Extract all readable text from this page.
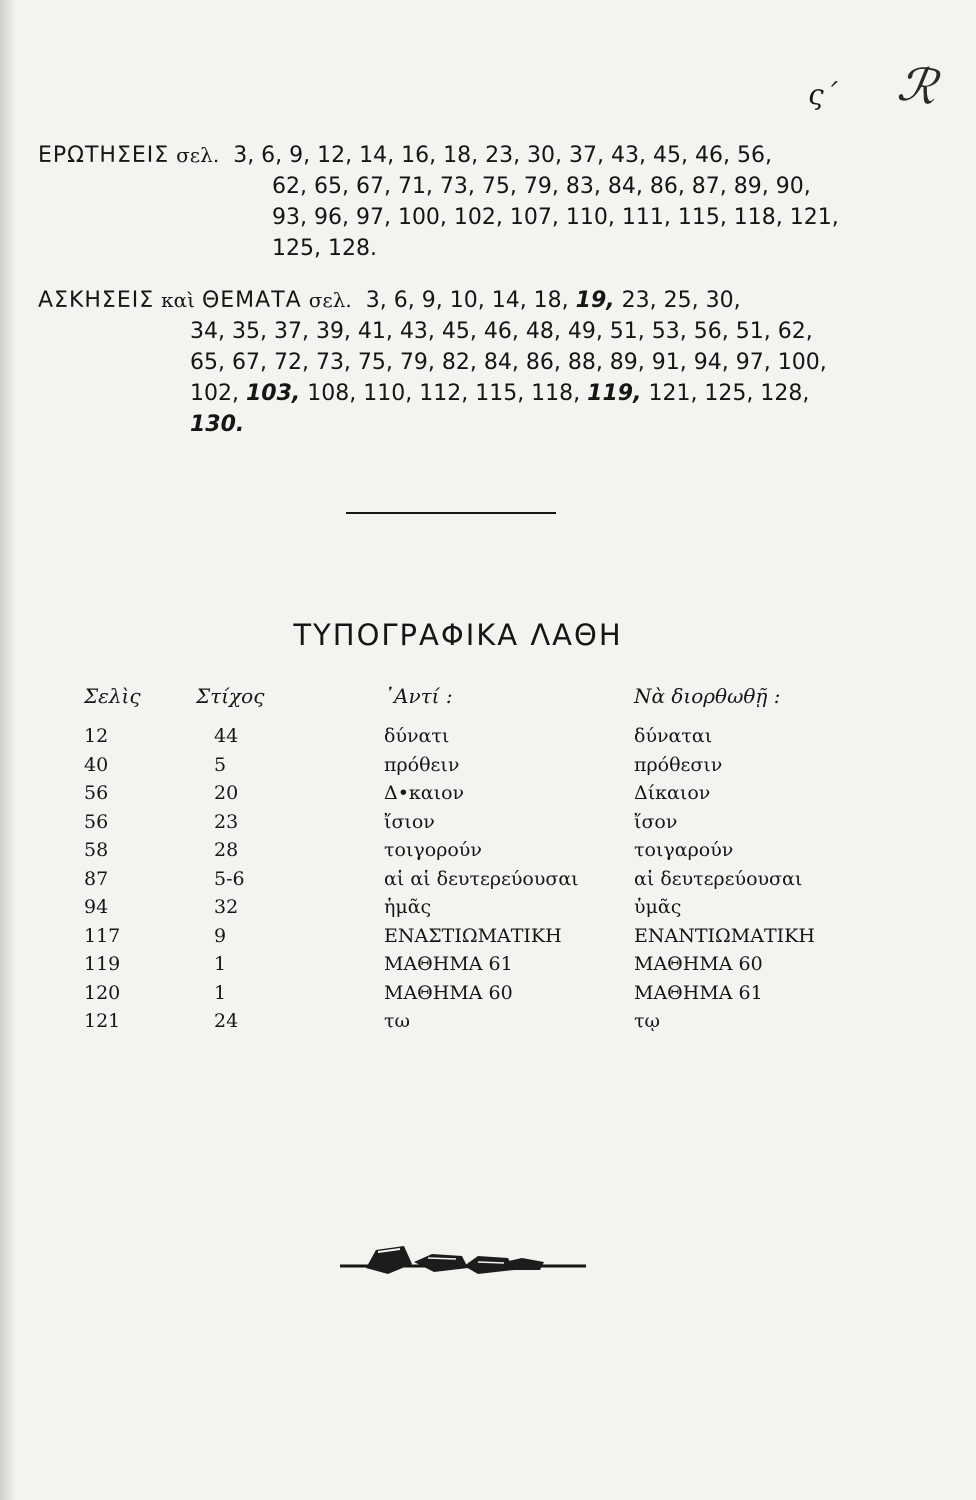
ς΄ ℛ
ΕΡΩΤΗΣΕΙΣ σελ. 3, 6, 9, 12, 14, 16, 18, 23, 30, 37, 43, 45, 46, 56,
62, 65, 67, 71, 73, 75, 79, 83, 84, 86, 87, 89, 90,
93, 96, 97, 100, 102, 107, 110, 111, 115, 118, 121,
125, 128.
ΑΣΚΗΣΕΙΣ καὶ ΘΕΜΑΤΑ σελ. 3, 6, 9, 10, 14, 18, 19, 23, 25, 30,
34, 35, 37, 39, 41, 43, 45, 46, 48, 49, 51, 53, 56, 51, 62,
65, 67, 72, 73, 75, 79, 82, 84, 86, 88, 89, 91, 94, 97, 100,
102, 103, 108, 110, 112, 115, 118, 119, 121, 125, 128,
130.
ΤΥΠΟΓΡΑΦΙΚΑ ΛΑΘΗ
Σελὶς	Στίχος	᾿Αντί :	Νὰ διορθωθῇ :
12	44	δύνατι	δύναται
40	5	πρόθειν	πρόθεσιν
56	20	Δ•καιον	Δίκαιον
56	23	ἴσιον	ἴσον
58	28	τοιγορούν	τοιγαρούν
87	5-6	αἱ αἱ δευτερεύουσαι	αἱ δευτερεύουσαι
94	32	ἡμᾶς	ὑμᾶς
117	9	ΕΝΑΣΤΙΩΜΑΤΙΚΗ	ΕΝΑΝΤΙΩΜΑΤΙΚΗ
119	1	ΜΑΘΗΜΑ 61	ΜΑΘΗΜΑ 60
120	1	ΜΑΘΗΜΑ 60	ΜΑΘΗΜΑ 61
121	24	τω	τῳ
